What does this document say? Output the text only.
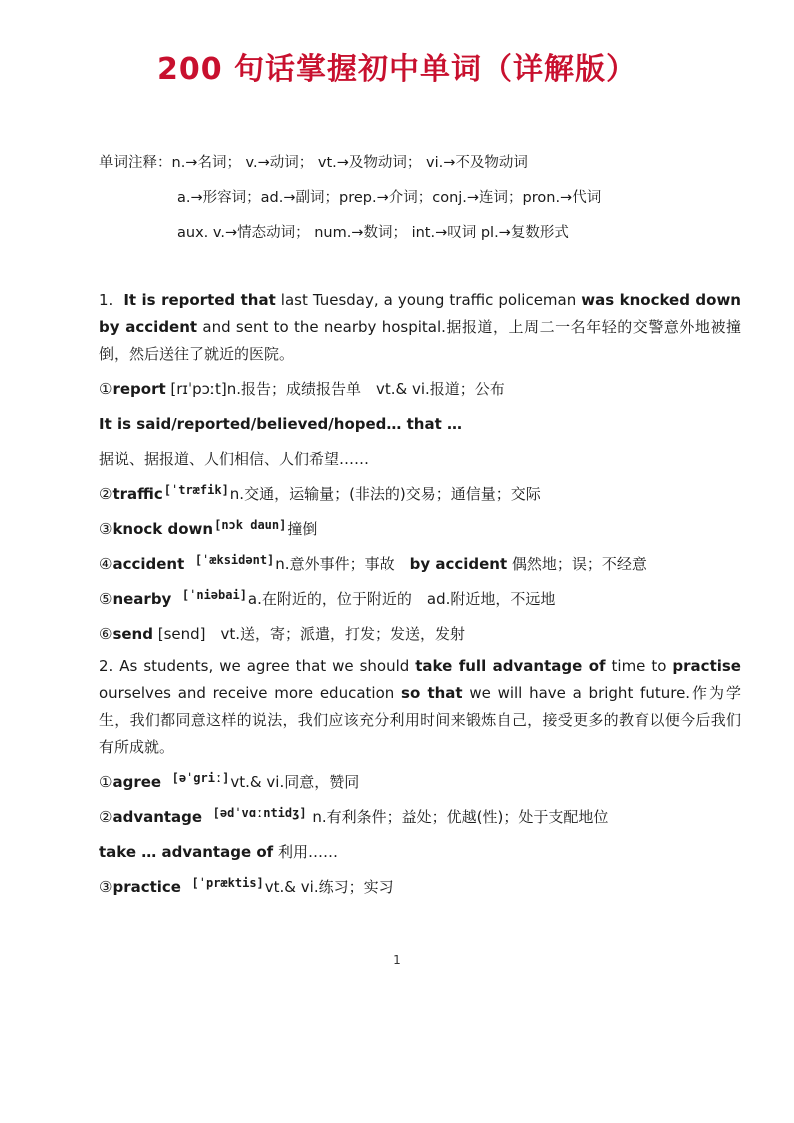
200 句话掌握初中单词（详解版）
单词注释：n.→名词； v.→动词； vt.→及物动词； vi.→不及物动词
a.→形容词；ad.→副词；prep.→介词；conj.→连词；pron.→代词
aux. v.→情态动词； num.→数词； int.→叹词 pl.→复数形式

1. It is reported that last Tuesday, a young traffic policeman was knocked down by accident and sent to the nearby hospital.据报道，上周二一名年轻的交警意外地被撞倒，然后送往了就近的医院。

①report [rɪˈpɔːt]n.报告；成绩报告单　vt.& vi.报道；公布
It is said/reported/believed/hoped… that …
据说、据报道、人们相信、人们希望……
②traffic[ˈtræfik]n.交通，运输量；(非法的)交易；通信量；交际
③knock down[nɔk daun]撞倒
④accident [ˈæksidənt]n.意外事件；事故　by accident 偶然地；误；不经意
⑤nearby [ˈniəbai]a.在附近的，位于附近的　ad.附近地，不远地
⑥send [send]　vt.送，寄；派遣，打发；发送，发射

2. As students, we agree that we should take full advantage of time to practise ourselves and receive more education so that we will have a bright future.作为学生，我们都同意这样的说法，我们应该充分利用时间来锻炼自己，接受更多的教育以便今后我们有所成就。

①agree [əˈgriː]vt.& vi.同意，赞同
②advantage [ədˈvɑːntidʒ] n.有利条件；益处；优越(性)；处于支配地位
take … advantage of 利用……
③practice [ˈpræktis]vt.& vi.练习；实习
1
